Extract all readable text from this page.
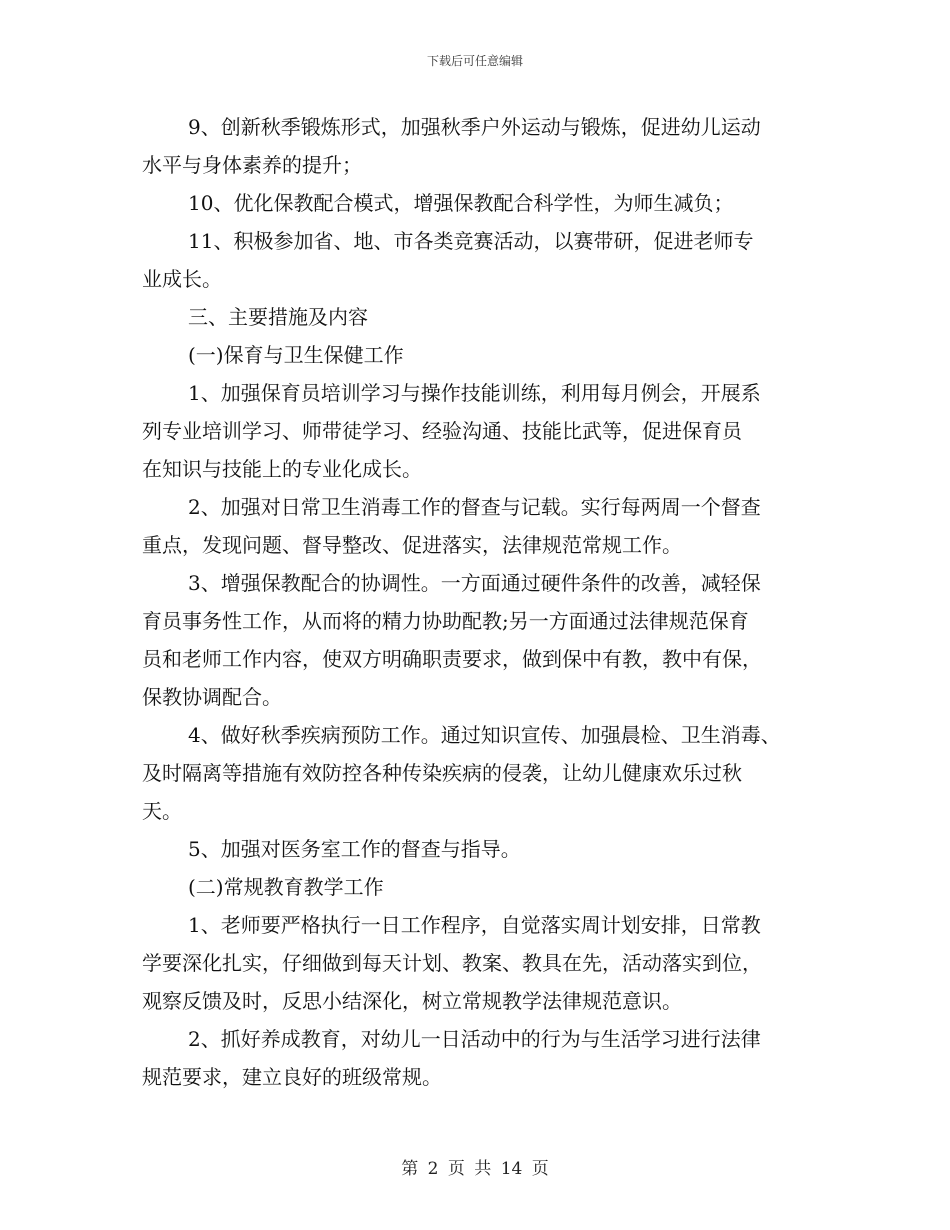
下载后可任意编辑
9、创新秋季锻炼形式，加强秋季户外运动与锻炼，促进幼儿运动
水平与身体素养的提升；
10、优化保教配合模式，增强保教配合科学性，为师生减负；
11、积极参加省、地、市各类竞赛活动，以赛带研，促进老师专
业成长。
三、主要措施及内容
(一)保育与卫生保健工作
1、加强保育员培训学习与操作技能训练，利用每月例会，开展系
列专业培训学习、师带徒学习、经验沟通、技能比武等，促进保育员
在知识与技能上的专业化成长。
2、加强对日常卫生消毒工作的督查与记载。实行每两周一个督查
重点，发现问题、督导整改、促进落实，法律规范常规工作。
3、增强保教配合的协调性。一方面通过硬件条件的改善，减轻保
育员事务性工作，从而将的精力协助配教;另一方面通过法律规范保育
员和老师工作内容，使双方明确职责要求，做到保中有教，教中有保，
保教协调配合。
4、做好秋季疾病预防工作。通过知识宣传、加强晨检、卫生消毒、
及时隔离等措施有效防控各种传染疾病的侵袭，让幼儿健康欢乐过秋
天。
5、加强对医务室工作的督查与指导。
(二)常规教育教学工作
1、老师要严格执行一日工作程序，自觉落实周计划安排，日常教
学要深化扎实，仔细做到每天计划、教案、教具在先，活动落实到位，
观察反馈及时，反思小结深化，树立常规教学法律规范意识。
2、抓好养成教育，对幼儿一日活动中的行为与生活学习进行法律
规范要求，建立良好的班级常规。
第 2 页 共 14 页
